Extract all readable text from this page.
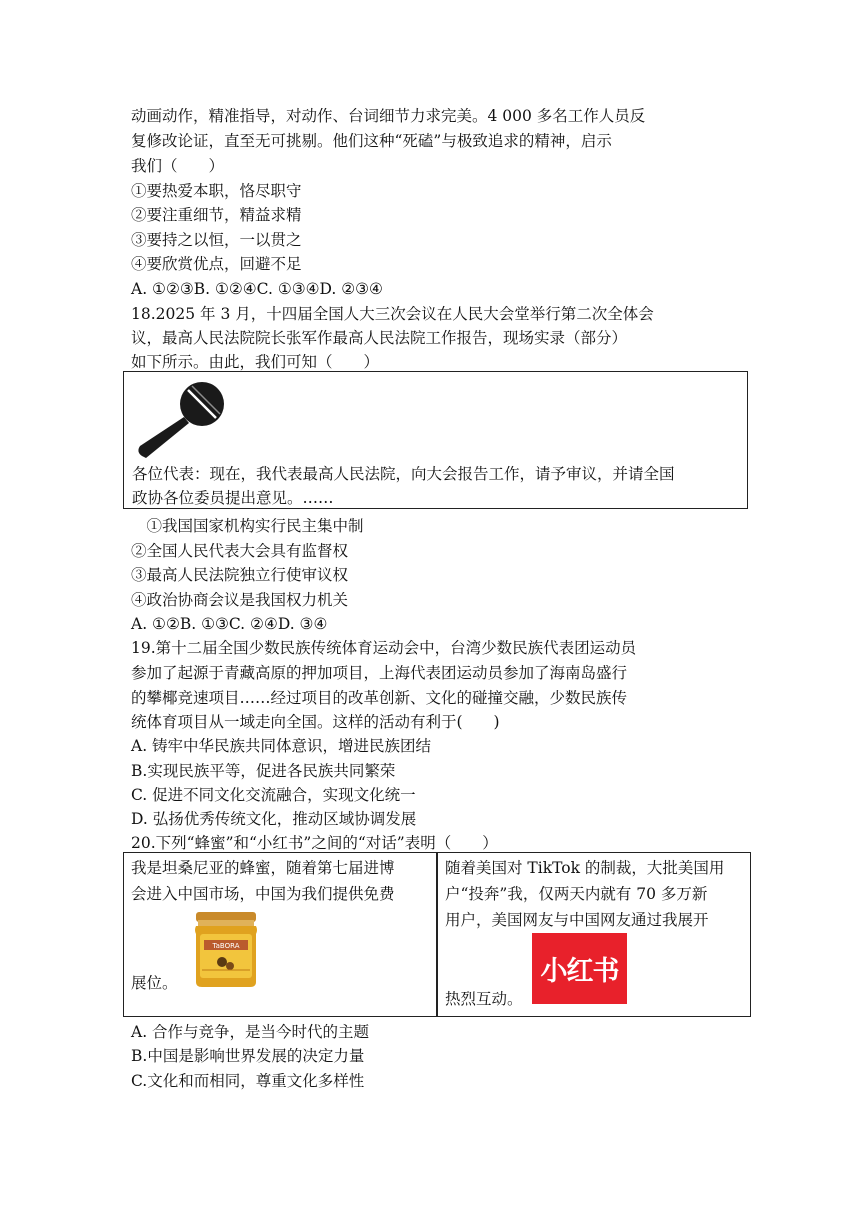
动画动作，精准指导，对动作、台词细节力求完美。4 000 多名工作人员反
复修改论证，直至无可挑剔。他们这种“死磕”与极致追求的精神，启示
我们（　　）
①要热爱本职，恪尽职守
②要注重细节，精益求精
③要持之以恒，一以贯之
④要欣赏优点，回避不足
A. ①②③B. ①②④C. ①③④D. ②③④
18.2025 年 3 月，十四届全国人大三次会议在人民大会堂举行第二次全体会
议，最高人民法院院长张军作最高人民法院工作报告，现场实录（部分）
如下所示。由此，我们可知（　　）
各位代表：现在，我代表最高人民法院，向大会报告工作，请予审议，并请全国
政协各位委员提出意见。……
　①我国国家机构实行民主集中制
②全国人民代表大会具有监督权
③最高人民法院独立行使审议权
④政治协商会议是我国权力机关
A. ①②B. ①③C. ②④D. ③④
19.第十二届全国少数民族传统体育运动会中，台湾少数民族代表团运动员
参加了起源于青藏高原的押加项目，上海代表团运动员参加了海南岛盛行
的攀椰竞速项目……经过项目的改革创新、文化的碰撞交融，少数民族传
统体育项目从一域走向全国。这样的活动有利于(　　)
A. 铸牢中华民族共同体意识，增进民族团结
B.实现民族平等，促进各民族共同繁荣
C. 促进不同文化交流融合，实现文化统一
D. 弘扬优秀传统文化，推动区域协调发展
20.下列“蜂蜜”和“小红书”之间的“对话”表明（　　）
我是坦桑尼亚的蜂蜜，随着第七届进博
会进入中国市场，中国为我们提供免费
TaBORA
展位。
随着美国对 TikTok 的制裁，大批美国用
户“投奔”我，仅两天内就有 70 多万新
用户，美国网友与中国网友通过我展开
小红书
热烈互动。
A. 合作与竞争，是当今时代的主题
B.中国是影响世界发展的决定力量
C.文化和而相同，尊重文化多样性
